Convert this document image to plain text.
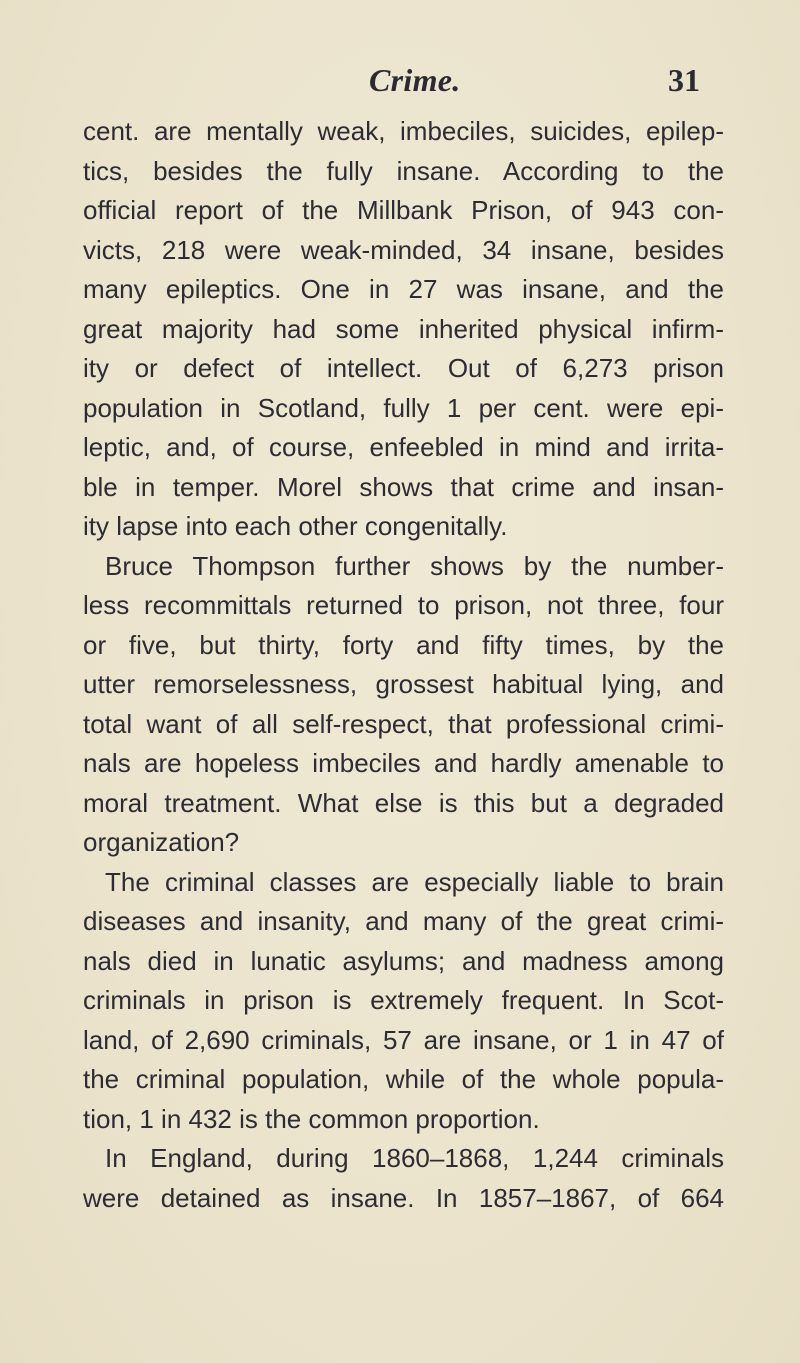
Crime.	31
cent. are mentally weak, imbeciles, suicides, epilep-
tics, besides the fully insane. According to the
official report of the Millbank Prison, of 943 con-
victs, 218 were weak-minded, 34 insane, besides
many epileptics. One in 27 was insane, and the
great majority had some inherited physical infirm-
ity or defect of intellect. Out of 6,273 prison
population in Scotland, fully 1 per cent. were epi-
leptic, and, of course, enfeebled in mind and irrita-
ble in temper. Morel shows that crime and insan-
ity lapse into each other congenitally.
Bruce Thompson further shows by the number-
less recommittals returned to prison, not three, four
or five, but thirty, forty and fifty times, by the
utter remorselessness, grossest habitual lying, and
total want of all self-respect, that professional crimi-
nals are hopeless imbeciles and hardly amenable to
moral treatment. What else is this but a degraded
organization?
The criminal classes are especially liable to brain
diseases and insanity, and many of the great crimi-
nals died in lunatic asylums; and madness among
criminals in prison is extremely frequent. In Scot-
land, of 2,690 criminals, 57 are insane, or 1 in 47 of
the criminal population, while of the whole popula-
tion, 1 in 432 is the common proportion.
In England, during 1860–1868, 1,244 criminals
were detained as insane. In 1857–1867, of 664
